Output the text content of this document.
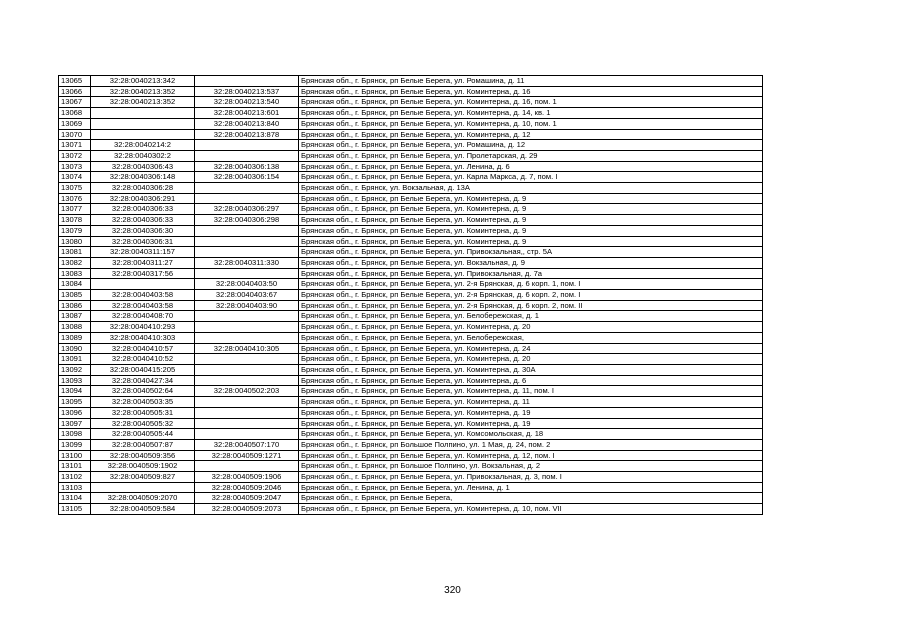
13065	32:28:0040213:342		Брянская обл., г. Брянск, рп Белые Берега, ул. Ромашина, д. 11
13066	32:28:0040213:352	32:28:0040213:537	Брянская обл., г. Брянск, рп Белые Берега, ул. Коминтерна, д. 16
13067	32:28:0040213:352	32:28:0040213:540	Брянская обл., г. Брянск, рп Белые Берега, ул. Коминтерна, д. 16, пом. 1
13068		32:28:0040213:601	Брянская обл., г. Брянск, рп Белые Берега, ул. Коминтерна, д. 14, кв. 1
13069		32:28:0040213:840	Брянская обл., г. Брянск, рп Белые Берега, ул. Коминтерна, д. 10, пом. 1
13070		32:28:0040213:878	Брянская обл., г. Брянск, рп Белые Берега, ул. Коминтерна, д. 12
13071	32:28:0040214:2		Брянская обл., г. Брянск, рп Белые Берега, ул. Ромашина, д. 12
13072	32:28:0040302:2		Брянская обл., г. Брянск, рп Белые Берега, ул. Пролетарская, д. 29
13073	32:28:0040306:43	32:28:0040306:138	Брянская обл., г. Брянск, рп Белые Берега, ул. Ленина, д. 6
13074	32:28:0040306:148	32:28:0040306:154	Брянская обл., г. Брянск, рп Белые Берега, ул. Карла Маркса, д. 7, пом. I
13075	32:28:0040306:28		Брянская обл., г. Брянск, ул. Вокзальная, д. 13А
13076	32:28:0040306:291		Брянская обл., г. Брянск, рп Белые Берега, ул. Коминтерна, д. 9
13077	32:28:0040306:33	32:28:0040306:297	Брянская обл., г. Брянск, рп Белые Берега, ул. Коминтерна, д. 9
13078	32:28:0040306:33	32:28:0040306:298	Брянская обл., г. Брянск, рп Белые Берега, ул. Коминтерна, д. 9
13079	32:28:0040306:30		Брянская обл., г. Брянск, рп Белые Берега, ул. Коминтерна, д. 9
13080	32:28:0040306:31		Брянская обл., г. Брянск, рп Белые Берега, ул. Коминтерна, д. 9
13081	32:28:0040311:157		Брянская обл., г. Брянск, рп Белые Берега, ул. Привокзальная,, стр. 5А
13082	32:28:0040311:27	32:28:0040311:330	Брянская обл., г. Брянск, рп Белые Берега, ул. Вокзальная, д. 9
13083	32:28:0040317:56		Брянская обл., г. Брянск, рп Белые Берега, ул. Привокзальная, д. 7а
13084		32:28:0040403:50	Брянская обл., г. Брянск, рп Белые Берега, ул. 2-я Брянская, д. 6 корп. 1, пом. I
13085	32:28:0040403:58	32:28:0040403:67	Брянская обл., г. Брянск, рп Белые Берега, ул. 2-я Брянская, д. 6 корп. 2, пом. I
13086	32:28:0040403:58	32:28:0040403:90	Брянская обл., г. Брянск, рп Белые Берега, ул. 2-я Брянская, д. 6 корп. 2, пом. II
13087	32:28:0040408:70		Брянская обл., г. Брянск, рп Белые Берега, ул. Белобережская, д. 1
13088	32:28:0040410:293		Брянская обл., г. Брянск, рп Белые Берега, ул. Коминтерна, д. 20
13089	32:28:0040410:303		Брянская обл., г. Брянск, рп Белые Берега, ул. Белобережская,
13090	32:28:0040410:57	32:28:0040410:305	Брянская обл., г. Брянск, рп Белые Берега, ул. Коминтерна, д. 24
13091	32:28:0040410:52		Брянская обл., г. Брянск, рп Белые Берега, ул. Коминтерна, д. 20
13092	32:28:0040415:205		Брянская обл., г. Брянск, рп Белые Берега, ул. Коминтерна, д. 30А
13093	32:28:0040427:34		Брянская обл., г. Брянск, рп Белые Берега, ул. Коминтерна, д. 6
13094	32:28:0040502:64	32:28:0040502:203	Брянская обл., г. Брянск, рп Белые Берега, ул. Коминтерна, д. 11, пом. I
13095	32:28:0040503:35		Брянская обл., г. Брянск, рп Белые Берега, ул. Коминтерна, д. 11
13096	32:28:0040505:31		Брянская обл., г. Брянск, рп Белые Берега, ул. Коминтерна, д. 19
13097	32:28:0040505:32		Брянская обл., г. Брянск, рп Белые Берега, ул. Коминтерна, д. 19
13098	32:28:0040505:44		Брянская обл., г. Брянск, рп Белые Берега, ул. Комсомольская, д. 18
13099	32:28:0040507:87	32:28:0040507:170	Брянская обл., г. Брянск, рп Большое Полпино, ул. 1 Мая, д. 24, пом. 2
13100	32:28:0040509:356	32:28:0040509:1271	Брянская обл., г. Брянск, рп Белые Берега, ул. Коминтерна, д. 12, пом. I
13101	32:28:0040509:1902		Брянская обл., г. Брянск, рп Большое Полпино, ул. Вокзальная, д. 2
13102	32:28:0040509:827	32:28:0040509:1906	Брянская обл., г. Брянск, рп Белые Берега, ул. Привокзальная, д. 3, пом. I
13103		32:28:0040509:2046	Брянская обл., г. Брянск, рп Белые Берега, ул. Ленина, д. 1
13104	32:28:0040509:2070	32:28:0040509:2047	Брянская обл., г. Брянск, рп Белые Берега,
13105	32:28:0040509:584	32:28:0040509:2073	Брянская обл., г. Брянск, рп Белые Берега, ул. Коминтерна, д. 10, пом. VII
320
